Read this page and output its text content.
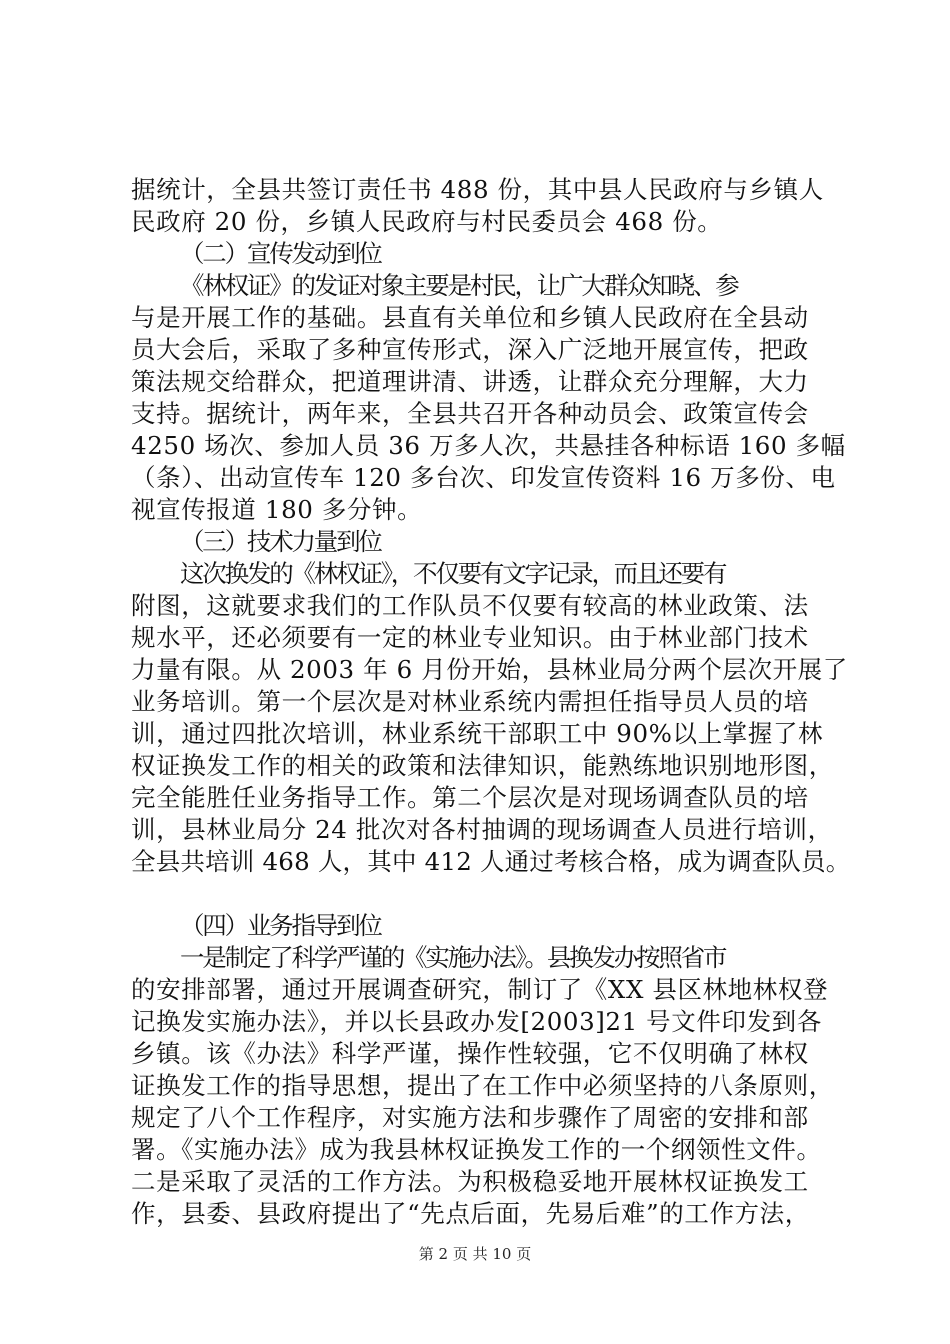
据统计，全县共签订责任书 488 份，其中县人民政府与乡镇人
民政府 20 份，乡镇人民政府与村民委员会 468 份。
（二）宣传发动到位
《林权证》的发证对象主要是村民，让广大群众知晓、参
与是开展工作的基础。县直有关单位和乡镇人民政府在全县动
员大会后，采取了多种宣传形式，深入广泛地开展宣传，把政
策法规交给群众，把道理讲清、讲透，让群众充分理解，大力
支持。据统计，两年来，全县共召开各种动员会、政策宣传会
4250 场次、参加人员 36 万多人次，共悬挂各种标语 160 多幅
（条）、出动宣传车 120 多台次、印发宣传资料 16 万多份、电
视宣传报道 180 多分钟。
（三）技术力量到位
这次换发的《林权证》，不仅要有文字记录，而且还要有
附图，这就要求我们的工作队员不仅要有较高的林业政策、法
规水平，还必须要有一定的林业专业知识。由于林业部门技术
力量有限。从 2003 年 6 月份开始，县林业局分两个层次开展了
业务培训。第一个层次是对林业系统内需担任指导员人员的培
训，通过四批次培训，林业系统干部职工中 90%以上掌握了林
权证换发工作的相关的政策和法律知识，能熟练地识别地形图，
完全能胜任业务指导工作。第二个层次是对现场调查队员的培
训，县林业局分 24 批次对各村抽调的现场调查人员进行培训，
全县共培训 468 人，其中 412 人通过考核合格，成为调查队员。
（四）业务指导到位
一是制定了科学严谨的《实施办法》。县换发办按照省市
的安排部署，通过开展调查研究，制订了《XX 县区林地林权登
记换发实施办法》，并以长县政办发[2003]21 号文件印发到各
乡镇。该《办法》科学严谨，操作性较强，它不仅明确了林权
证换发工作的指导思想，提出了在工作中必须坚持的八条原则，
规定了八个工作程序，对实施方法和步骤作了周密的安排和部
署。《实施办法》成为我县林权证换发工作的一个纲领性文件。
二是采取了灵活的工作方法。为积极稳妥地开展林权证换发工
作，县委、县政府提出了“先点后面，先易后难”的工作方法，
第 2 页 共 10 页
